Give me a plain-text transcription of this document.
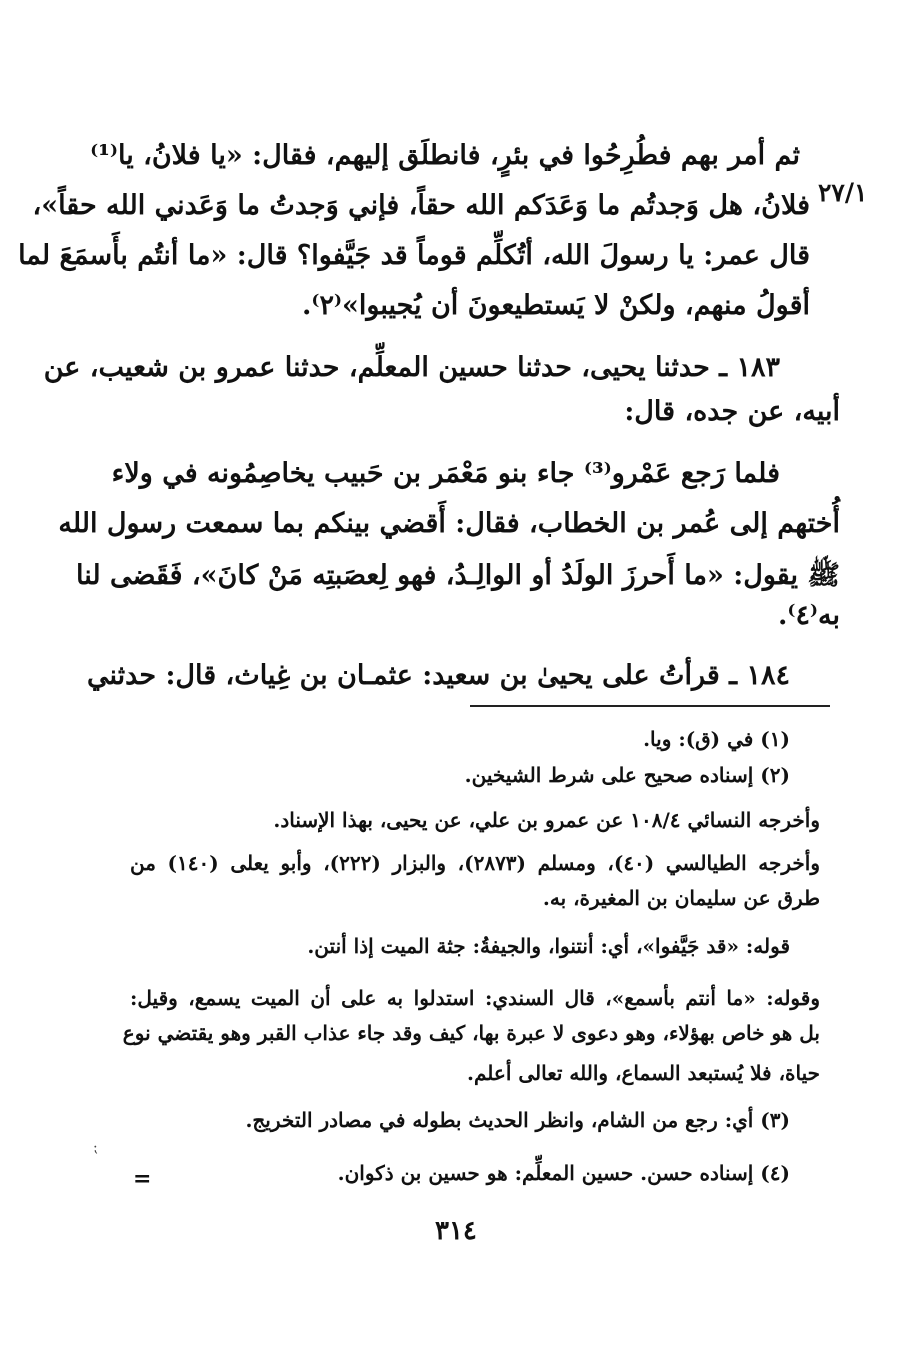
٢٧/١
ثم أمر بهم فطُرِحُوا في بئرٍ، فانطلَق إليهم، فقال: «يا فلانُ، يا⁽¹⁾
فلانُ، هل وَجدتُم ما وَعَدَكم الله حقاً، فإني وَجدتُ ما وَعَدني الله حقاً»،
قال عمر: يا رسولَ الله، أتُكلِّم قوماً قد جَيَّفوا؟ قال: «ما أنتُم بأَسمَعَ لما
أقولُ منهم، ولكنْ لا يَستطيعونَ أن يُجيبوا»⁽٢⁾.
١٨٣ ـ حدثنا يحيى، حدثنا حسين المعلِّم، حدثنا عمرو بن شعيب، عن
أبيه، عن جده، قال:
فلما رَجع عَمْرو⁽³⁾ جاء بنو مَعْمَر بن حَبيب يخاصِمُونه في ولاء
أُختهم إلى عُمر بن الخطاب، فقال: أَقضي بينكم بما سمعت رسول الله
ﷺ يقول: «ما أَحرزَ الولَدُ أو الوالِـدُ، فهو لِعصَبتِه مَنْ كانَ»، فَقَضى لنا
به⁽٤⁾.
١٨٤ ـ قرأتُ على يحيىٰ بن سعيد: عثمـان بن غِياث، قال: حدثني
(١) في (ق): ويا.
(٢) إسناده صحيح على شرط الشيخين.
وأخرجه النسائي ١٠٨/٤ عن عمرو بن علي، عن يحيى، بهذا الإسناد.
وأخرجه الطيالسي (٤٠)، ومسلم (٢٨٧٣)، والبزار (٢٢٢)، وأبو يعلى (١٤٠) من
طرق عن سليمان بن المغيرة، به.
قوله: «قد جَيَّفوا»، أي: أنتنوا، والجيفةُ: جثة الميت إذا أنتن.
وقوله: «ما أنتم بأسمع»، قال السندي: استدلوا به على أن الميت يسمع، وقيل:
بل هو خاص بهؤلاء، وهو دعوى لا عبرة بها، كيف وقد جاء عذاب القبر وهو يقتضي نوع
حياة، فلا يُستبعد السماع، والله تعالى أعلم.
(٣) أي: رجع من الشام، وانظر الحديث بطوله في مصادر التخريج.
(٤) إسناده حسن. حسين المعلِّم: هو حسين بن ذكوان.
=
⁏
٣١٤
